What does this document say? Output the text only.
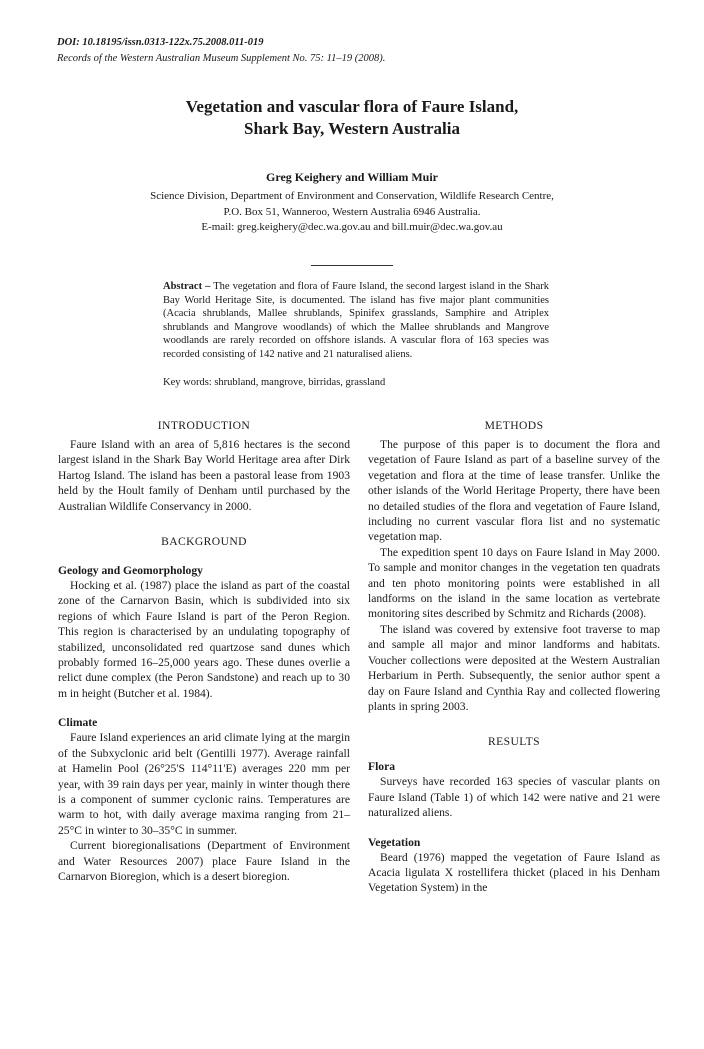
DOI: 10.18195/issn.0313-122x.75.2008.011-019
Records of the Western Australian Museum Supplement No. 75: 11–19 (2008).
Vegetation and vascular flora of Faure Island,
Shark Bay, Western Australia
Greg Keighery and William Muir
Science Division, Department of Environment and Conservation, Wildlife Research Centre,
P.O. Box 51, Wanneroo, Western Australia 6946 Australia.
E-mail: greg.keighery@dec.wa.gov.au and bill.muir@dec.wa.gov.au
Abstract – The vegetation and flora of Faure Island, the second largest island in the Shark Bay World Heritage Site, is documented. The island has five major plant communities (Acacia shrublands, Mallee shrublands, Spinifex grasslands, Samphire and Atriplex shrublands and Mangrove woodlands) of which the Mallee shrublands and Mangrove woodlands are rarely recorded on offshore islands. A vascular flora of 163 species was recorded consisting of 142 native and 21 naturalised aliens.
Key words: shrubland, mangrove, birridas, grassland
INTRODUCTION

Faure Island with an area of 5,816 hectares is the second largest island in the Shark Bay World Heritage area after Dirk Hartog Island. The island has been a pastoral lease from 1903 held by the Hoult family of Denham until purchased by the Australian Wildlife Conservancy in 2000.

BACKGROUND
Geology and Geomorphology

Hocking et al. (1987) place the island as part of the coastal zone of the Carnarvon Basin, which is subdivided into six regions of which Faure Island is part of the Peron Region. This region is characterised by an undulating topography of stabilized, unconsolidated red quartzose sand dunes which probably formed 16–25,000 years ago. These dunes overlie a relict dune complex (the Peron Sandstone) and reach up to 30 m in height (Butcher et al. 1984).

Climate

Faure Island experiences an arid climate lying at the margin of the Subxyclonic arid belt (Gentilli 1977). Average rainfall at Hamelin Pool (26°25'S 114°11'E) averages 220 mm per year, with 39 rain days per year, mainly in winter though there is a component of summer cyclonic rains. Temperatures are warm to hot, with daily average maxima ranging from 21–25°C in winter to 30–35°C in summer.

Current bioregionalisations (Department of Environment and Water Resources 2007) place Faure Island in the Carnarvon Bioregion, which is a desert bioregion.

METHODS

The purpose of this paper is to document the flora and vegetation of Faure Island as part of a baseline survey of the vegetation and flora at the time of lease transfer. Unlike the other islands of the World Heritage Property, there have been no detailed studies of the flora and vegetation of Faure Island, including no current vascular flora list and no systematic vegetation map.

The expedition spent 10 days on Faure Island in May 2000. To sample and monitor changes in the vegetation ten quadrats and ten photo monitoring points were established in all landforms on the island in the same location as vertebrate monitoring sites described by Schmitz and Richards (2008).

The island was covered by extensive foot traverse to map and sample all major and minor landforms and habitats. Voucher collections were deposited at the Western Australian Herbarium in Perth. Subsequently, the senior author spent a day on Faure Island and Cynthia Ray and collected flowering plants in spring 2003.

RESULTS
Flora

Surveys have recorded 163 species of vascular plants on Faure Island (Table 1) of which 142 were native and 21 were naturalized aliens.

Vegetation

Beard (1976) mapped the vegetation of Faure Island as Acacia ligulata X rostellifera thicket (placed in his Denham Vegetation System) in the
